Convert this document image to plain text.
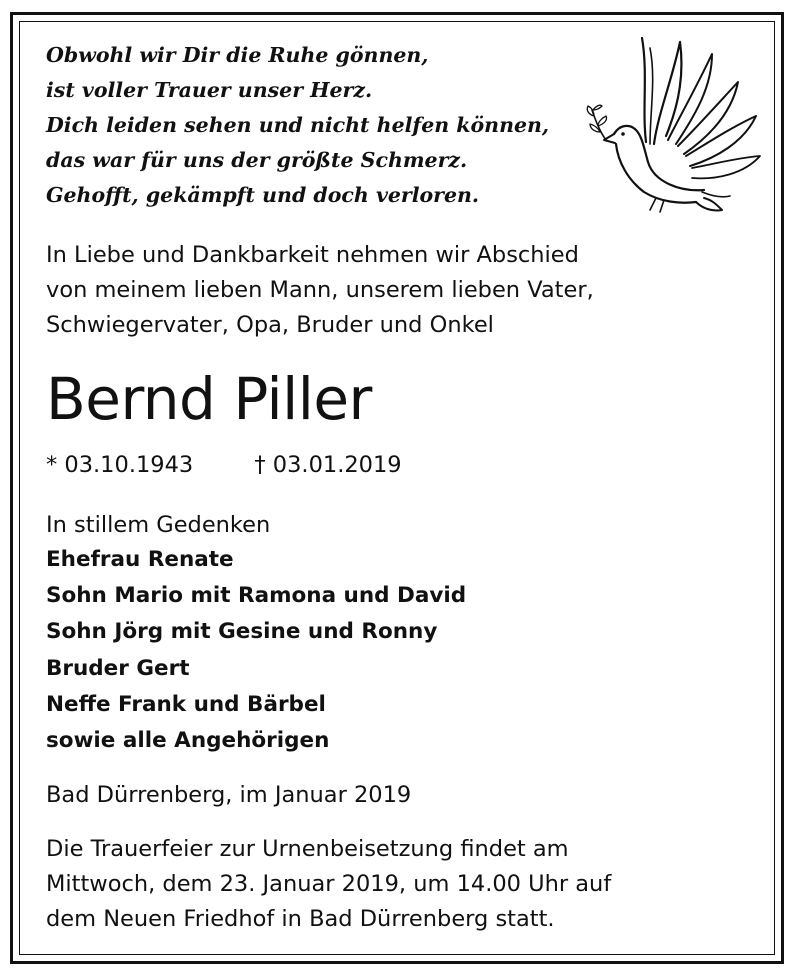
Obwohl wir Dir die Ruhe gönnen,
ist voller Trauer unser Herz.
Dich leiden sehen und nicht helfen können,
das war für uns der größte Schmerz.
Gehofft, gekämpft und doch verloren.
In Liebe und Dankbarkeit nehmen wir Abschied
von meinem lieben Mann, unserem lieben Vater,
Schwiegervater, Opa, Bruder und Onkel
Bernd Piller
* 03.10.1943	† 03.01.2019
In stillem Gedenken
Ehefrau Renate
Sohn Mario mit Ramona und David
Sohn Jörg mit Gesine und Ronny
Bruder Gert
Neffe Frank und Bärbel
sowie alle Angehörigen
Bad Dürrenberg, im Januar 2019
Die Trauerfeier zur Urnenbeisetzung findet am
Mittwoch, dem 23. Januar 2019, um 14.00 Uhr auf
dem Neuen Friedhof in Bad Dürrenberg statt.
